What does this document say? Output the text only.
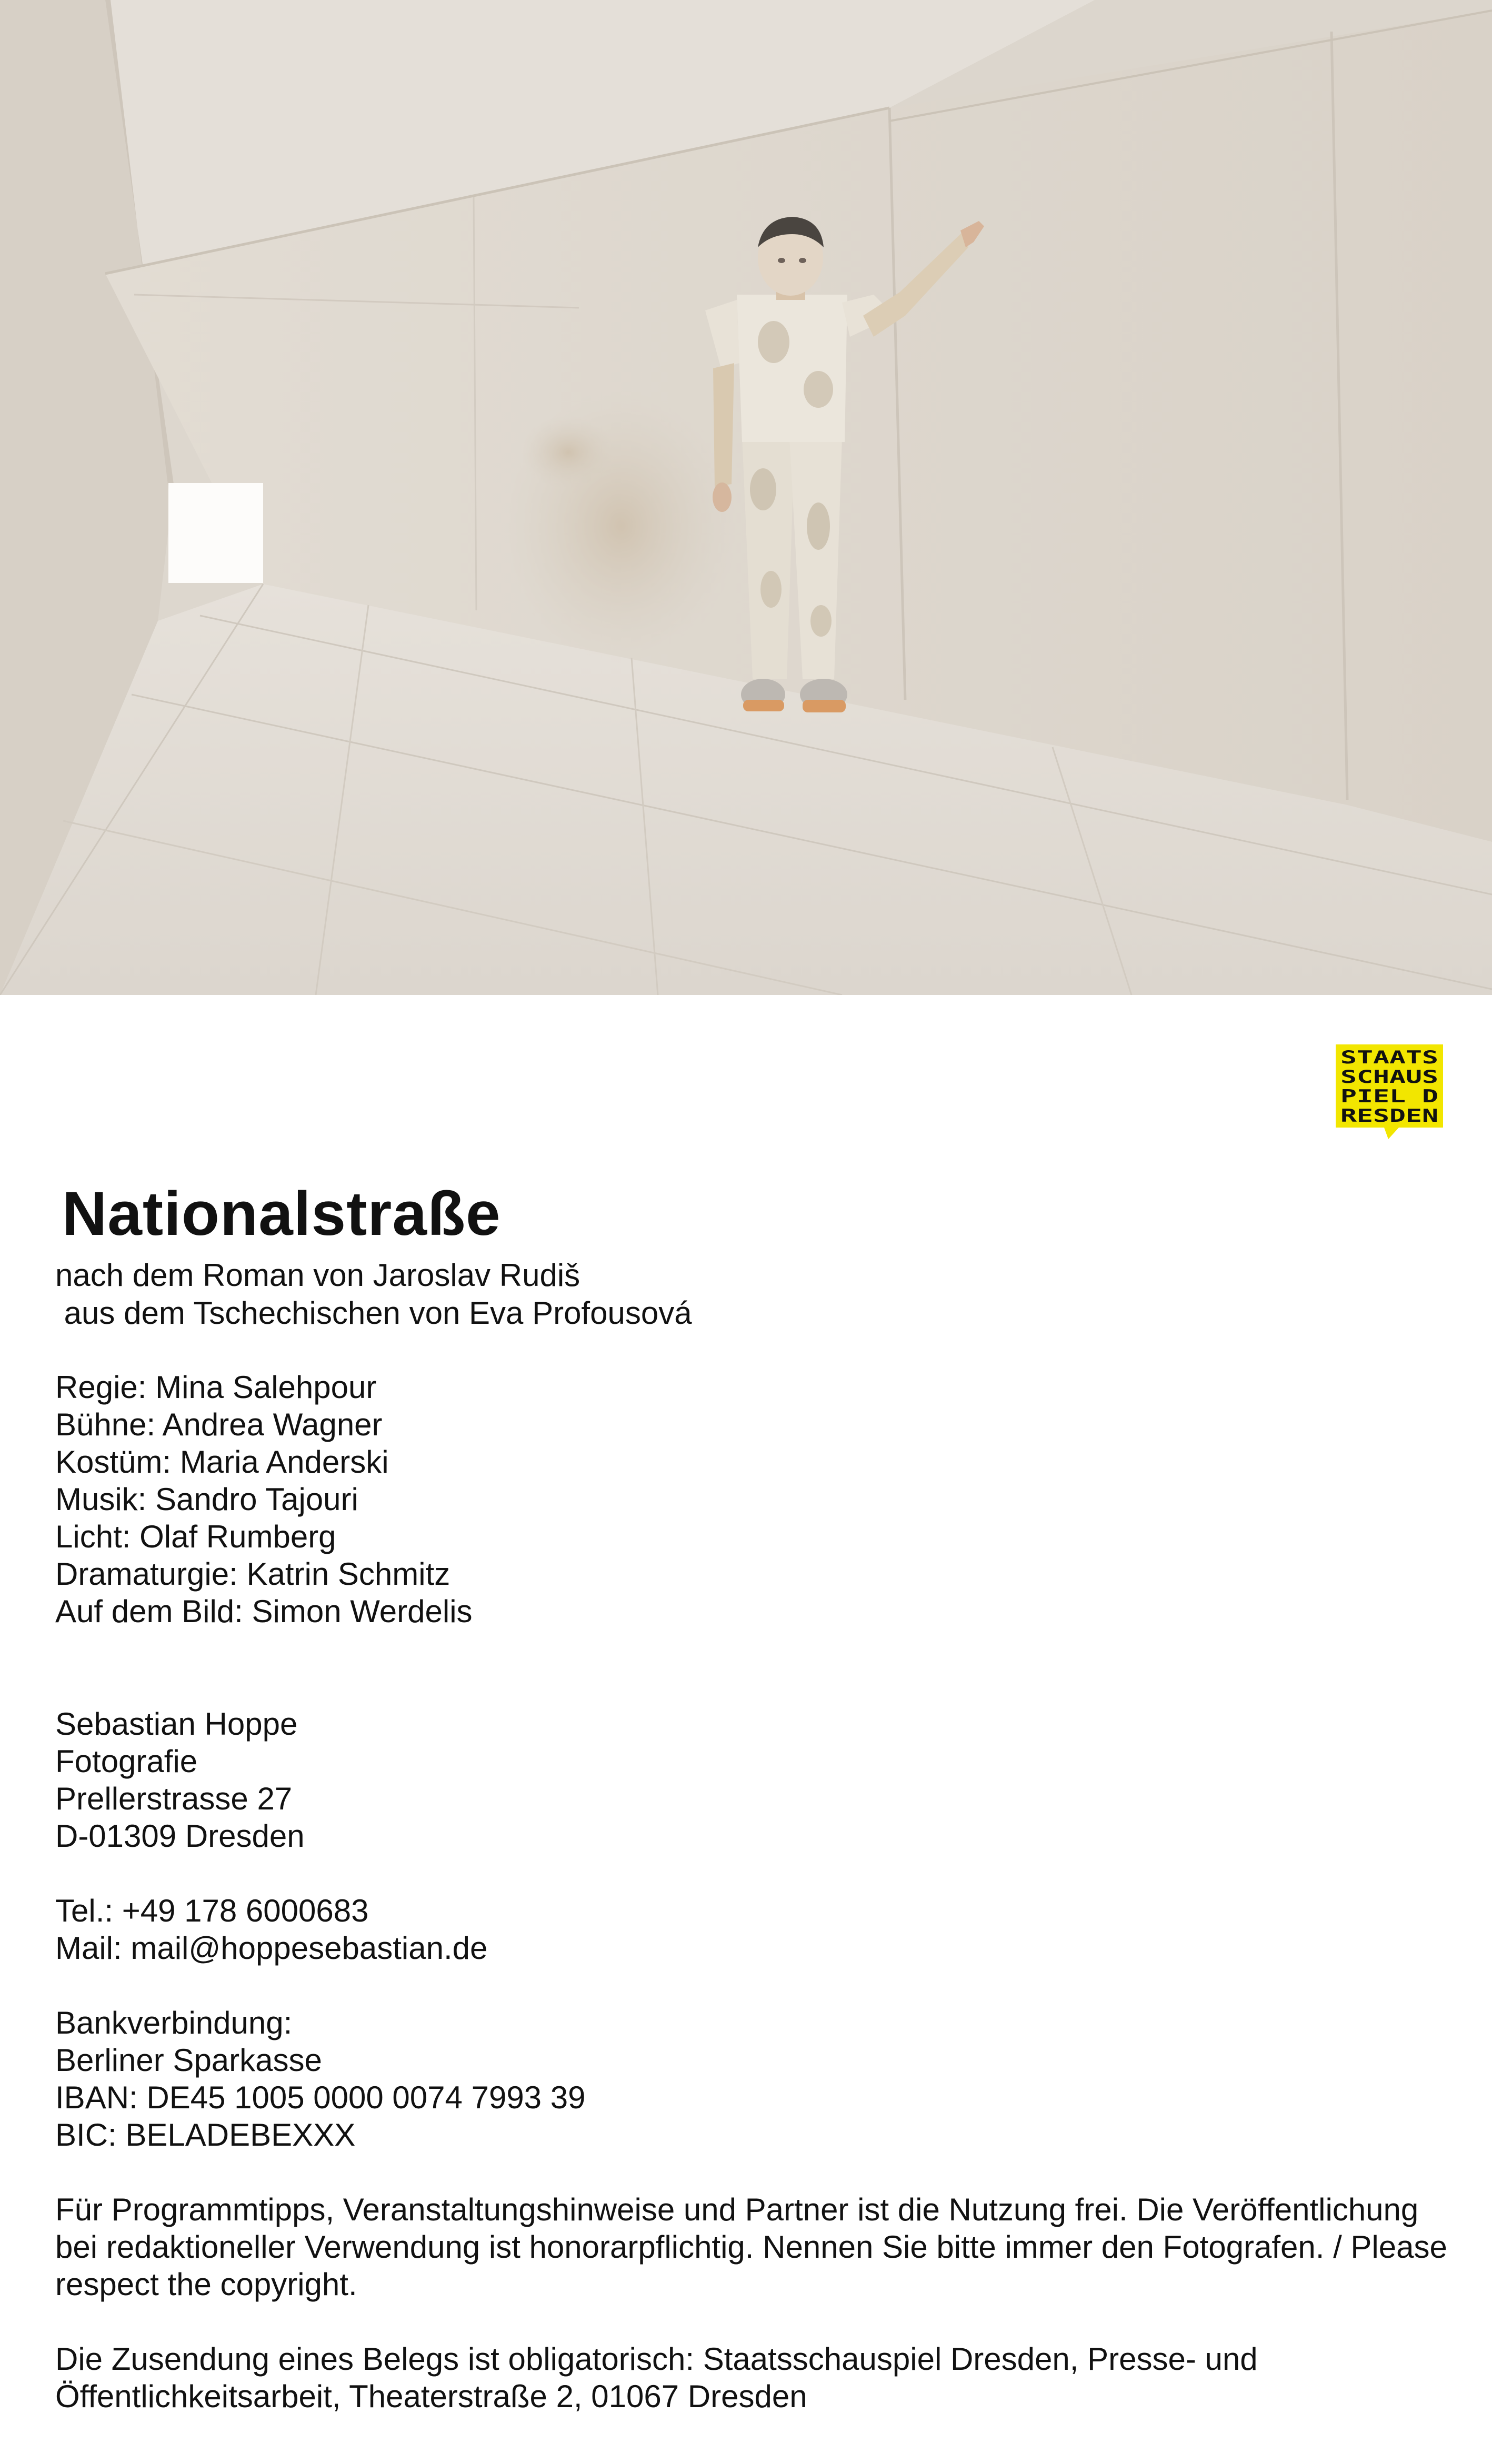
STAATS
SCHAUS
PIEL D
RESDEN
Nationalstraße
nach dem Roman von Jaroslav Rudiš
aus dem Tschechischen von Eva Profousová
Regie: Mina Salehpour
Bühne: Andrea Wagner
Kostüm: Maria Anderski
Musik: Sandro Tajouri
Licht: Olaf Rumberg
Dramaturgie: Katrin Schmitz
Auf dem Bild: Simon Werdelis
Sebastian Hoppe
Fotografie
Prellerstrasse 27
D-01309 Dresden
Tel.: +49 178 6000683
Mail: mail@hoppesebastian.de
Bankverbindung:
Berliner Sparkasse
IBAN: DE45 1005 0000 0074 7993 39
BIC: BELADEBEXXX

Für Programmtipps, Veranstaltungshinweise und Partner ist die Nutzung frei. Die Veröffentlichung bei redaktioneller Verwendung ist honorarpflichtig. Nennen Sie bitte immer den Fotografen. / Please respect the copyright.

Die Zusendung eines Belegs ist obligatorisch: Staatsschauspiel Dresden, Presse- und Öffentlichkeitsarbeit, Theaterstraße 2, 01067 Dresden
